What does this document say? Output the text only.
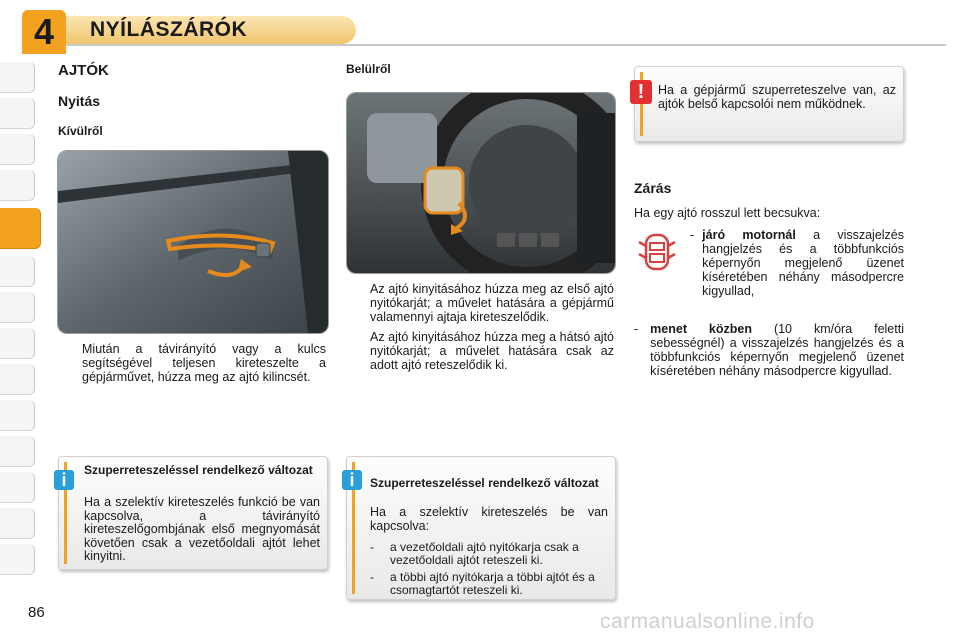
4	NYÍLÁSZÁRÓK
AJTÓK
Nyitás
Kívülről
Miután a távirányító vagy a kulcs segítségével teljesen kireteszelte a gépjárművet, húzza meg az ajtó kilincsét.
i	Szuperreteszeléssel rendelkező változat
Ha a szelektív kireteszelés funkció be van kapcsolva, a távirányító kireteszelőgombjának első megnyomását követően csak a vezetőoldali ajtót lehet kinyitni.
Belülről
Az ajtó kinyitásához húzza meg az első ajtó nyitókarját; a művelet hatására a gépjármű valamennyi ajtaja kireteszelődik.
Az ajtó kinyitásához húzza meg a hátsó ajtó nyitókarját; a művelet hatására csak az adott ajtó reteszelődik ki.
i	Szuperreteszeléssel rendelkező változat
Ha a szelektív kireteszelés be van kapcsolva:
-	a vezetőoldali ajtó nyitókarja csak a vezetőoldali ajtót reteszeli ki.
-	a többi ajtó nyitókarja a többi ajtót és a csomagtartót reteszeli ki.
!	Ha a gépjármű szuperreteszelve van, az ajtók belső kapcsolói nem működnek.
Zárás
Ha egy ajtó rosszul lett becsukva:
- járó motornál a visszajelzés hangjelzés és a többfunkciós képernyőn megjelenő üzenet kíséretében néhány másodpercre kigyullad,
- menet közben (10 km/óra feletti sebességnél) a visszajelzés hangjelzés és a többfunkciós képernyőn megjelenő üzenet kíséretében néhány másodpercre kigyullad.
86	carmanualsonline.info
